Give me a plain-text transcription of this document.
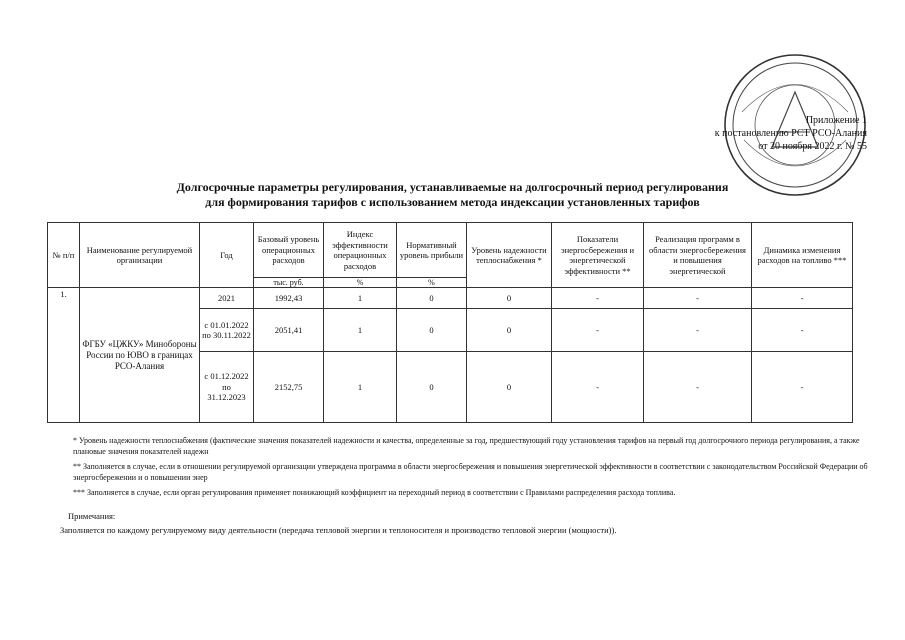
Приложение 1
к постановлению РСТ РСО-Алания
от 20 ноября 2022 г. № 55
Долгосрочные параметры регулирования, устанавливаемые на долгосрочный период регулирования
для формирования тарифов с использованием метода индексации установленных тарифов
№ п/п	Наименование регулируемой организации	Год	Базовый уровень операционных расходов	Индекс эффективности операционных расходов	Нормативный уровень прибыли	Уровень надежности теплоснабжения *	Показатели энергосбережения и энергетической эффективности **	Реализация программ в области энергосбережения и повышения энергетической	Динамика изменения расходов на топливо ***
			тыс. руб.	%	%				
1.	ФГБУ «ЦЖКУ» Минобороны России по ЮВО в границах РСО-Алания	2021	1992,43	1	0	0	-	-	-
		с 01.01.2022 по 30.11.2022	2051,41	1	0	0	-	-	-
		с 01.12.2022 по 31.12.2023	2152,75	1	0	0	-	-	-
* Уровень надежности теплоснабжения (фактические значения показателей надежности и качества, определенные за год, предшествующий году установления тарифов на первый год долгосрочного периода регулирования, а также плановые значения показателей надежн
** Заполняется в случае, если в отношении регулируемой организации утверждена программа в области энергосбережения и повышения энергетической эффективности в соответствии с законодательством Российской Федерации об энергосбережении и о повышении энер
*** Заполняется в случае, если орган регулирования применяет понижающий коэффициент на переходный период в соответствии с Правилами распределения расхода топлива.
Примечания:
Заполняется по каждому регулируемому виду деятельности (передача тепловой энергии и теплоносителя и производство тепловой энергии (мощности)).
